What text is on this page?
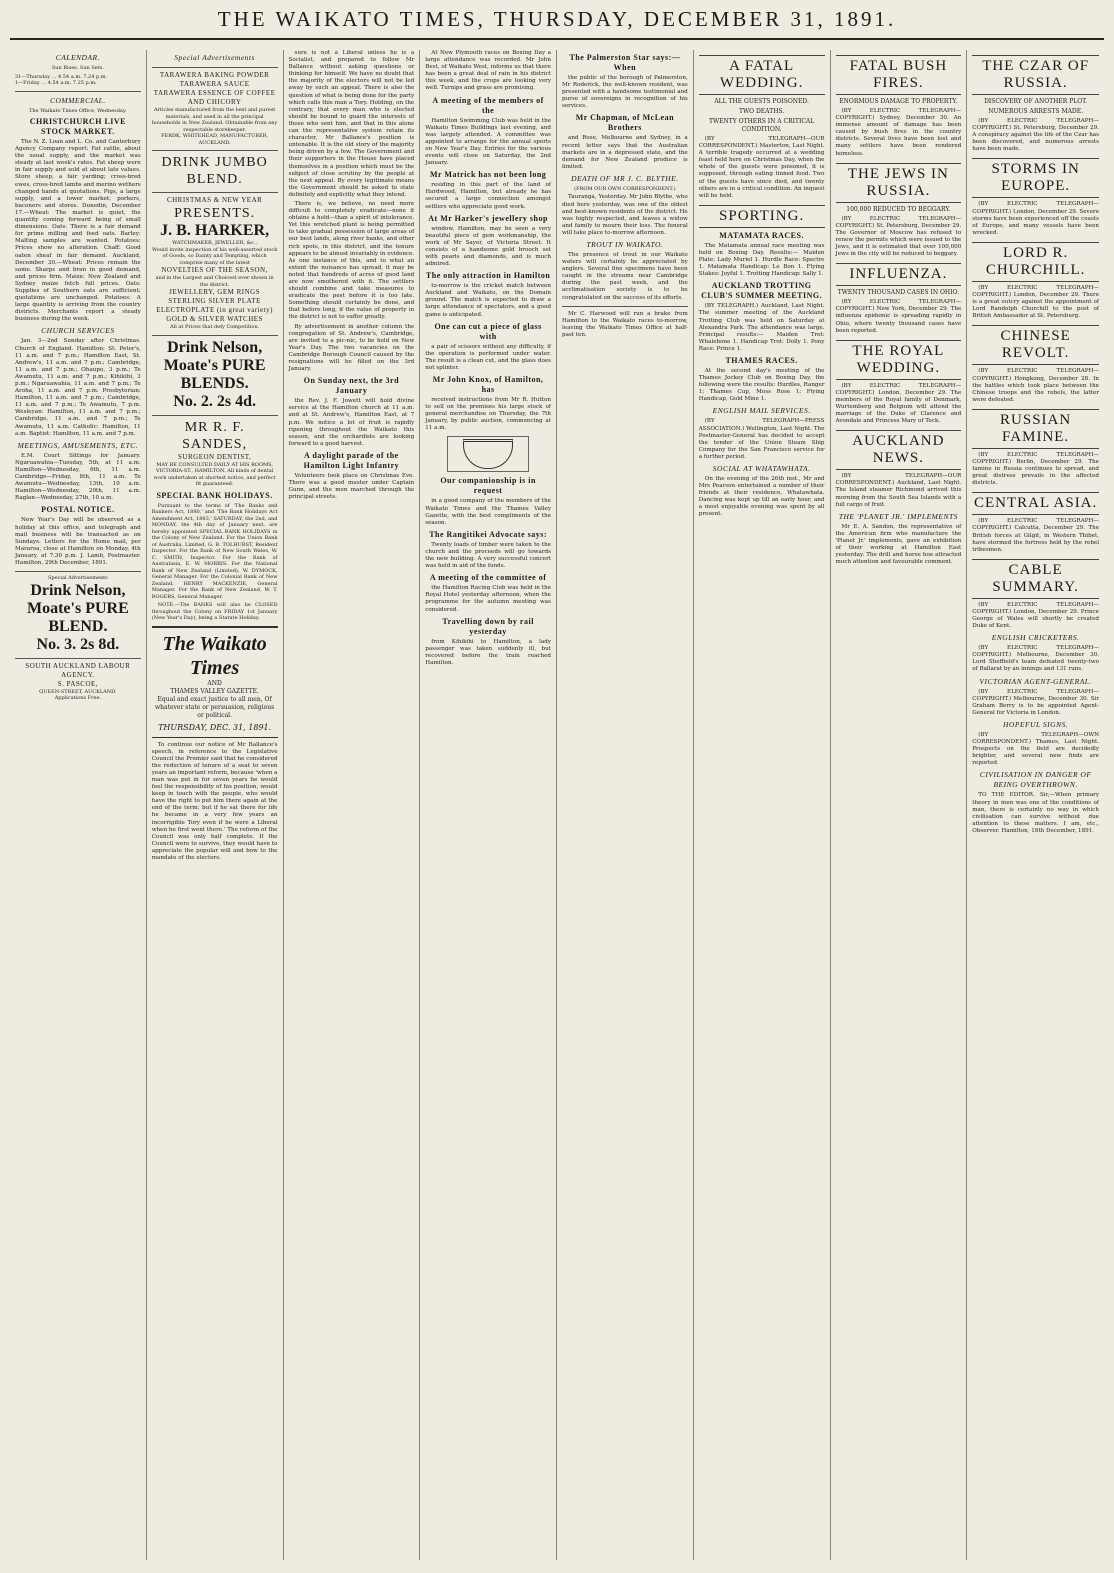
THE WAIKATO TIMES, THURSDAY, DECEMBER 31, 1891.
CALENDAR.
Sun Rises. Sun Sets.
31—Thursday ... 4.54 a.m. 7.24 p.m.
1—Friday ... 4.54 a.m. 7.25 p.m.
COMMERCIAL.
The Waikato Times Office, Wednesday.
CHRISTCHURCH LIVE STOCK MARKET.

The N. Z. Loan and L. Co. and Canterbury Agency Company report: Fat cattle, about the usual supply, and the market was steady at last week's rates. Fat sheep were in fair supply and sold at about late values. Store sheep, a fair yarding; cross-bred ewes, cross-bred lambs and merino wethers changed hands at quotations. Pigs, a large supply, and a lower market; porkers, baconers and stores. Dunedin, December 17.—Wheat: The market is quiet, the quantity coming forward being of small dimensions. Oats: There is a fair demand for prime milling and feed oats. Barley: Malting samples are wanted. Potatoes: Prices show no alteration. Chaff: Good oaten sheaf in fair demand. Auckland, December 30.—Wheat: Prices remain the same. Sharps and bran in good demand, and prices firm. Maize: New Zealand and Sydney maize fetch full prices. Oats: Supplies of Southern oats are sufficient; quotations are unchanged. Potatoes: A large quantity is arriving from the country districts. Merchants report a steady business during the week.

CHURCH SERVICES

Jan. 3—2nd Sunday after Christmas. Church of England. Hamilton: St. Peter's, 11 a.m. and 7 p.m.; Hamilton East, St. Andrew's, 11 a.m. and 7 p.m.; Cambridge, 11 a.m. and 7 p.m.; Ohaupo, 3 p.m.; Te Awamutu, 11 a.m. and 7 p.m.; Kihikihi, 3 p.m.; Ngaruawahia, 11 a.m. and 7 p.m.; Te Aroha, 11 a.m. and 7 p.m. Presbyterian: Hamilton, 11 a.m. and 7 p.m.; Cambridge, 11 a.m. and 7 p.m.; Te Awamutu, 7 p.m. Wesleyan: Hamilton, 11 a.m. and 7 p.m.; Cambridge, 11 a.m. and 7 p.m.; Te Awamutu, 11 a.m. Catholic: Hamilton, 11 a.m. Baptist: Hamilton, 11 a.m. and 7 p.m.

MEETINGS, AMUSEMENTS, ETC.

E.M. Court Sittings for January. Ngaruawahia—Tuesday, 5th, at 11 a.m. Hamilton—Wednesday, 6th, 11 a.m. Cambridge—Friday, 8th, 11 a.m. Te Awamutu—Wednesday, 13th, 10 a.m. Hamilton—Wednesday, 20th, 11 a.m. Raglan—Wednesday, 27th, 10 a.m.

POSTAL NOTICE.

New Year's Day will be observed as a holiday at this office, and telegraph and mail business will be transacted as on Sundays. Letters for the Home mail, per Mararoa, close at Hamilton on Monday, 4th January, at 7.30 p.m. J. Lamb, Postmaster. Hamilton, 29th December, 1891.

Special Advertisements
Drink Nelson, Moate's PURE BLEND.
No. 3. 2s 8d.
SOUTH AUCKLAND LABOUR AGENCY.
S. PASCOE,
QUEEN-STREET, AUCKLAND.
Applications Free.
Special Advertisements
TARAWERA BAKING POWDER
TARAWERA SAUCE
TARAWERA ESSENCE OF COFFEE AND CHICORY
Articles manufactured from the best and purest materials, and used in all the principal households in New Zealand. Obtainable from any respectable storekeeper.
FERDK. WHITEHEAD, MANUFACTURER, AUCKLAND.
DRINK JUMBO BLEND.
CHRISTMAS & NEW YEAR
PRESENTS.
J. B. HARKER,
WATCHMAKER, JEWELLER, &c.,
Would invite inspection of his well-assorted stock of Goods, so Dainty and Tempting, which comprise many of the latest
NOVELTIES OF THE SEASON,
and in the Largest and Choicest ever shown in the district.
JEWELLERY, GEM RINGS
STERLING SILVER PLATE
ELECTROPLATE (in great variety)
GOLD & SILVER WATCHES
All at Prices that defy Competition.
Drink Nelson, Moate's PURE BLENDS.
No. 2. 2s 4d.
MR R. F. SANDES,
SURGEON DENTIST,
MAY BE CONSULTED DAILY AT HIS ROOMS, VICTORIA-ST., HAMILTON. All kinds of dental work undertaken at shortest notice, and perfect fit guaranteed.
SPECIAL BANK HOLIDAYS.

Pursuant to the terms of 'The Banks and Bankers Act, 1880,' and 'The Bank Holidays Act Amendment Act, 1883,' SATURDAY, the 2nd, and MONDAY, the 4th day of January next, are hereby appointed SPECIAL BANK HOLIDAYS in the Colony of New Zealand. For the Union Bank of Australia, Limited, G. B. TOLHURST, Resident Inspector. For the Bank of New South Wales, W. C. SMITH, Inspector. For the Bank of Australasia, E. W. MORRIS. For the National Bank of New Zealand (Limited), W. DYMOCK, General Manager. For the Colonial Bank of New Zealand, HENRY MACKENZIE, General Manager. For the Bank of New Zealand, W. T. ROGERS, General Manager.

NOTE.—The BANKS will also be CLOSED throughout the Colony on FRIDAY 1st January (New Year's Day), being a Statute Holiday.

The Waikato Times
AND
THAMES VALLEY GAZETTE.
Equal and exact justice to all men, Of whatever state or persuasion, religious or political.
THURSDAY, DEC. 31, 1891.

To continue our notice of Mr Ballance's speech, in reference to the Legislative Council the Premier said that he considered the reduction of tenure of a seat to seven years an important reform, because 'when a man was put in for seven years he would feel the responsibility of his position, would keep in touch with the people, who would have the right to put him there again at the end of the term; but if he sat there for life he became in a very few years an incorrigible Tory even if he were a Liberal when he first went there.' The reform of the Council was only half complete. If the Council were to survive, they would have to appreciate the popular will and bow to the mandate of the electors.

sure is not a Liberal unless he is a Socialist, and prepared to follow Mr Ballance without asking questions or thinking for himself. We have no doubt that the majority of the electors will not be led away by such an appeal. There is also the question of what is being done for the party which calls this man a Tory. Holding, on the contrary, that every man who is elected should be bound to guard the interests of those who sent him, and that in this alone can the representative system retain its character, Mr Ballance's position is untenable. It is the old story of the majority being driven by a few. The Government and their supporters in the House have placed themselves in a position which must be the subject of close scrutiny by the people at the next appeal. By every legitimate means the Government should be asked to state definitely and explicitly what they intend.

There is, we believe, no need more difficult to completely eradicate—none it obtains a hold—than a spirit of intolerance. Yet this wretched plant is being permitted to take gradual possession of large areas of our best lands, along river banks, and other rich spots, in this district, and the tenure appears to be almost invariably in evidence. As one instance of this, and to what an extent the nuisance has spread, it may be noted that hundreds of acres of good land are now smothered with it. The settlers should combine and take measures to eradicate the pest before it is too late. Something should certainly be done, and that before long, if the value of property in the district is not to suffer greatly.

By advertisement in another column the congregation of St. Andrew's, Cambridge, are invited to a pic-nic, to be held on New Year's Day. The two vacancies on the Cambridge Borough Council caused by the resignations will be filled on the 3rd January.

On Sunday next, the 3rd January

the Rev. J. F. Jowett will hold divine service at the Hamilton church at 11 a.m. and at St. Andrew's, Hamilton East, at 7 p.m. We notice a lot of fruit is rapidly ripening throughout the Waikato this season, and the orchardists are looking forward to a good harvest.

A daylight parade of the Hamilton Light Infantry

Volunteers took place on Christmas Eve. There was a good muster under Captain Gunn, and the men marched through the principal streets.

At New Plymouth races on Boxing Day a large attendance was recorded. Mr John Best, of Waikato West, informs us that there has been a great deal of rain in his district this week, and the crops are looking very well. Turnips and grass are promising.

A meeting of the members of the

Hamilton Swimming Club was held in the Waikato Times Buildings last evening, and was largely attended. A committee was appointed to arrange for the annual sports on New Year's Day. Entries for the various events will close on Saturday, the 2nd January.

Mr Matrick has not been long

residing in this part of the land of Hardwood, Hamilton, but already he has secured a large connection amongst settlers who appreciate good work.

At Mr Harker's jewellery shop

window, Hamilton, may be seen a very beautiful piece of gem workmanship, the work of Mr Sayer, of Victoria Street. It consists of a handsome gold brooch set with pearls and diamonds, and is much admired.

The only attraction in Hamilton

to-morrow is the cricket match between Auckland and Waikato, on the Domain ground. The match is expected to draw a large attendance of spectators, and a good game is anticipated.

One can cut a piece of glass with

a pair of scissors without any difficulty, if the operation is performed under water. The result is a clean cut, and the glass does not splinter.

Mr John Knox, of Hamilton, has

received instructions from Mr R. Hutton to sell on the premises his large stock of general merchandise on Thursday, the 7th January, by public auction, commencing at 11 a.m.

Our companionship is in request

in a good company of the members of the Waikato Times and the Thames Valley Gazette, with the best compliments of the season.

The Rangitikei Advocate says:

Twenty loads of timber were taken to the church and the proceeds will go towards the new building. A very successful concert was held in aid of the funds.

A meeting of the committee of

the Hamilton Racing Club was held in the Royal Hotel yesterday afternoon, when the programme for the autumn meeting was considered.

Travelling down by rail yesterday

from Kihikihi to Hamilton, a lady passenger was taken suddenly ill, but recovered before the train reached Hamilton.

The Palmerston Star says:—When

the public of the borough of Palmerston, Mr Roderick, the well-known resident, was presented with a handsome testimonial and purse of sovereigns in recognition of his services.

Mr Chapman, of McLean Brothers

and Rose, Melbourne and Sydney, in a recent letter says that the Australian markets are in a depressed state, and the demand for New Zealand produce is limited.

DEATH OF MR J. C. BLYTHE.
(FROM OUR OWN CORRESPONDENT.)

Tauranga, Yesterday. Mr John Blythe, who died here yesterday, was one of the oldest and best-known residents of the district. He was highly respected, and leaves a widow and family to mourn their loss. The funeral will take place to-morrow afternoon.

TROUT IN WAIKATO.

The presence of trout in our Waikato waters will certainly be appreciated by anglers. Several fine specimens have been caught in the streams near Cambridge during the past week, and the acclimatisation society is to be congratulated on the success of its efforts.

Mr C. Harwood will run a brake from Hamilton to the Waikato races to-morrow, leaving the Waikato Times Office at half-past ten.

A FATAL WEDDING.
ALL THE GUESTS POISONED.
TWO DEATHS.
TWENTY OTHERS IN A CRITICAL CONDITION.

(BY TELEGRAPH—OUR CORRESPONDENT.) Masterton, Last Night. A terrible tragedy occurred at a wedding feast held here on Christmas Day, when the whole of the guests were poisoned, it is supposed, through eating tinned food. Two of the guests have since died, and twenty others are in a critical condition. An inquest will be held.

SPORTING.
MATAMATA RACES.

The Matamata annual race meeting was held on Boxing Day. Results:— Maiden Plate: Lady Muriel 1. Hurdle Race: Spectre 1. Matamata Handicap: Le Bon 1. Flying Stakes: Joyful 1. Trotting Handicap: Sally 1.

AUCKLAND TROTTING CLUB'S SUMMER MEETING.

(BY TELEGRAPH.) Auckland, Last Night. The summer meeting of the Auckland Trotting Club was held on Saturday at Alexandra Park. The attendance was large. Principal results:— Maiden Trot: Whalebone 1. Handicap Trot: Dolly 1. Pony Race: Prince 1.

THAMES RACES.

At the second day's meeting of the Thames Jockey Club on Boxing Day, the following were the results: Hurdles, Ranger 1; Thames Cup, Moss Rose 1; Flying Handicap, Gold Mine 1.

ENGLISH MAIL SERVICES.

(BY TELEGRAPH—PRESS ASSOCIATION.) Wellington, Last Night. The Postmaster-General has decided to accept the tender of the Union Steam Ship Company for the San Francisco service for a further period.

SOCIAL AT WHATAWHATA.

On the evening of the 26th inst., Mr and Mrs Pearson entertained a number of their friends at their residence, Whatawhata. Dancing was kept up till an early hour, and a most enjoyable evening was spent by all present.

FATAL BUSH FIRES.
ENORMOUS DAMAGE TO PROPERTY.

(BY ELECTRIC TELEGRAPH—COPYRIGHT.) Sydney, December 30. An immense amount of damage has been caused by bush fires in the country districts. Several lives have been lost and many settlers have been rendered homeless.

THE JEWS IN RUSSIA.
100,000 REDUCED TO BEGGARY.

(BY ELECTRIC TELEGRAPH—COPYRIGHT.) St. Petersburg, December 29. The Governor of Moscow has refused to renew the permits which were issued to the Jews, and it is estimated that over 100,000 Jews in the city will be reduced to beggary.

INFLUENZA.
TWENTY THOUSAND CASES IN OHIO.

(BY ELECTRIC TELEGRAPH—COPYRIGHT.) New York, December 29. The influenza epidemic is spreading rapidly in Ohio, where twenty thousand cases have been reported.

THE ROYAL WEDDING.

(BY ELECTRIC TELEGRAPH—COPYRIGHT.) London, December 29. The members of the Royal family of Denmark, Wurtemberg and Belgium will attend the marriage of the Duke of Clarence and Avondale and Princess Mary of Teck.

AUCKLAND NEWS.

(BY TELEGRAPH—OUR CORRESPONDENT.) Auckland, Last Night. The Island steamer Richmond arrived this morning from the South Sea Islands with a full cargo of fruit.

THE 'PLANET JR.' IMPLEMENTS

Mr E. A. Sandon, the representative of the American firm who manufacture the 'Planet Jr.' implements, gave an exhibition of their working at Hamilton East yesterday. The drill and horse hoe attracted much attention and favourable comment.

THE CZAR OF RUSSIA.
DISCOVERY OF ANOTHER PLOT.
NUMEROUS ARRESTS MADE.

(BY ELECTRIC TELEGRAPH—COPYRIGHT.) St. Petersburg, December 29. A conspiracy against the life of the Czar has been discovered, and numerous arrests have been made.

STORMS IN EUROPE.

(BY ELECTRIC TELEGRAPH—COPYRIGHT.) London, December 29. Severe storms have been experienced off the coasts of Europe, and many vessels have been wrecked.

LORD R. CHURCHILL.

(BY ELECTRIC TELEGRAPH—COPYRIGHT.) London, December 29. There is a great outcry against the appointment of Lord Randolph Churchill to the post of British Ambassador at St. Petersburg.

CHINESE REVOLT.

(BY ELECTRIC TELEGRAPH—COPYRIGHT.) Hongkong, December 28. In the battles which took place between the Chinese troops and the rebels, the latter were defeated.

RUSSIAN FAMINE.

(BY ELECTRIC TELEGRAPH—COPYRIGHT.) Berlin, December 29. The famine in Russia continues to spread, and great distress prevails in the affected districts.

CENTRAL ASIA.

(BY ELECTRIC TELEGRAPH—COPYRIGHT.) Calcutta, December 29. The British forces at Gilgit, in Western Thibet, have stormed the fortress held by the rebel tribesmen.

CABLE SUMMARY.

(BY ELECTRIC TELEGRAPH—COPYRIGHT.) London, December 29. Prince George of Wales will shortly be created Duke of Kent.

ENGLISH CRICKETERS.

(BY ELECTRIC TELEGRAPH—COPYRIGHT.) Melbourne, December 30. Lord Sheffield's team defeated twenty-two of Ballarat by an innings and 131 runs.

VICTORIAN AGENT-GENERAL.

(BY ELECTRIC TELEGRAPH—COPYRIGHT.) Melbourne, December 30. Sir Graham Berry is to be appointed Agent-General for Victoria in London.

HOPEFUL SIGNS.

(BY TELEGRAPH—OWN CORRESPONDENT.) Thames, Last Night. Prospects on the field are decidedly brighter, and several new finds are reported.

CIVILISATION IN DANGER OF BEING OVERTHROWN.

TO THE EDITOR. Sir,—When primary theory in men was one of the conditions of man, there is certainly no way in which civilisation can survive without due attention to these matters. I am, etc., Observer. Hamilton, 18th December, 1891.
